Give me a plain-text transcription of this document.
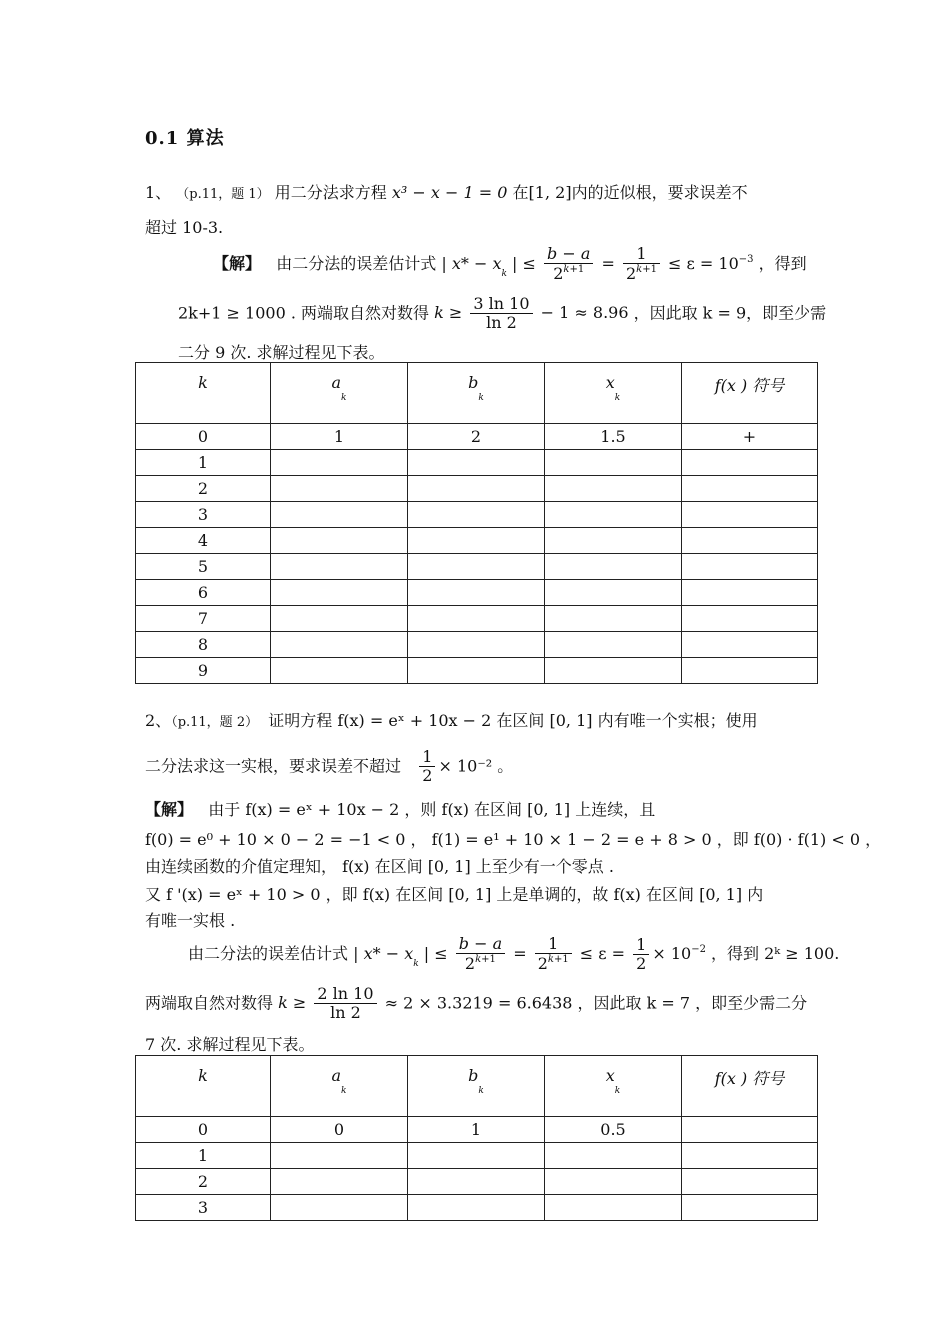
0.1 算法
1、 （p.11，题 1） 用二分法求方程 x³ − x − 1 = 0 在[1, 2]内的近似根，要求误差不
超过 10-3.
【解】 由二分法的误差估计式 | $x* - x_k$ | ≤ $\frac{b - a}{2^{k+1}} = \frac{1}{2^{k+1}} \le \varepsilon = 10^{-3}$ ，得到
2k+1 ≥ 1000 . 两端取自然对数得 $k \ge \frac{3 \ln 10}{\ln 2} - 1 \approx 8.96$ ，因此取 k = 9，即至少需
二分 9 次. 求解过程见下表。
k	$a_k$	$b_k$	$x_k$	f(x ) 符号
0	1	2	1.5	+
1				
2				
3				
4				
5				
6				
7				
8				
9				
2、（p.11，题 2） 证明方程 f(x) = eˣ + 10x − 2 在区间 [0, 1] 内有唯一个实根；使用
二分法求这一实根，要求误差不超过 $\frac{1}{2} \times 10^{-2}$ 。
【解】 由于 f(x) = eˣ + 10x − 2 ，则 f(x) 在区间 [0, 1] 上连续，且
f(0) = e⁰ + 10 × 0 − 2 = −1 < 0 ， f(1) = e¹ + 10 × 1 − 2 = e + 8 > 0 ，即 f(0) · f(1) < 0 ，
由连续函数的介值定理知， f(x) 在区间 [0, 1] 上至少有一个零点 .
又 f '(x) = eˣ + 10 > 0 ，即 f(x) 在区间 [0, 1] 上是单调的，故 f(x) 在区间 [0, 1] 内
有唯一实根 .
由二分法的误差估计式 | $x* - x_k$ | ≤ $\frac{b - a}{2^{k+1}} = \frac{1}{2^{k+1}} \le \varepsilon = \frac{1}{2} \times 10^{-2}$ ，得到 2ᵏ ≥ 100.
两端取自然对数得 $k \ge \frac{2 \ln 10}{\ln 2} \approx 2 \times 3.3219 = 6.6438$ ，因此取 k = 7 ，即至少需二分
7 次. 求解过程见下表。
k	$a_k$	$b_k$	$x_k$	f(x ) 符号
0	0	1	0.5	
1				
2				
3				
